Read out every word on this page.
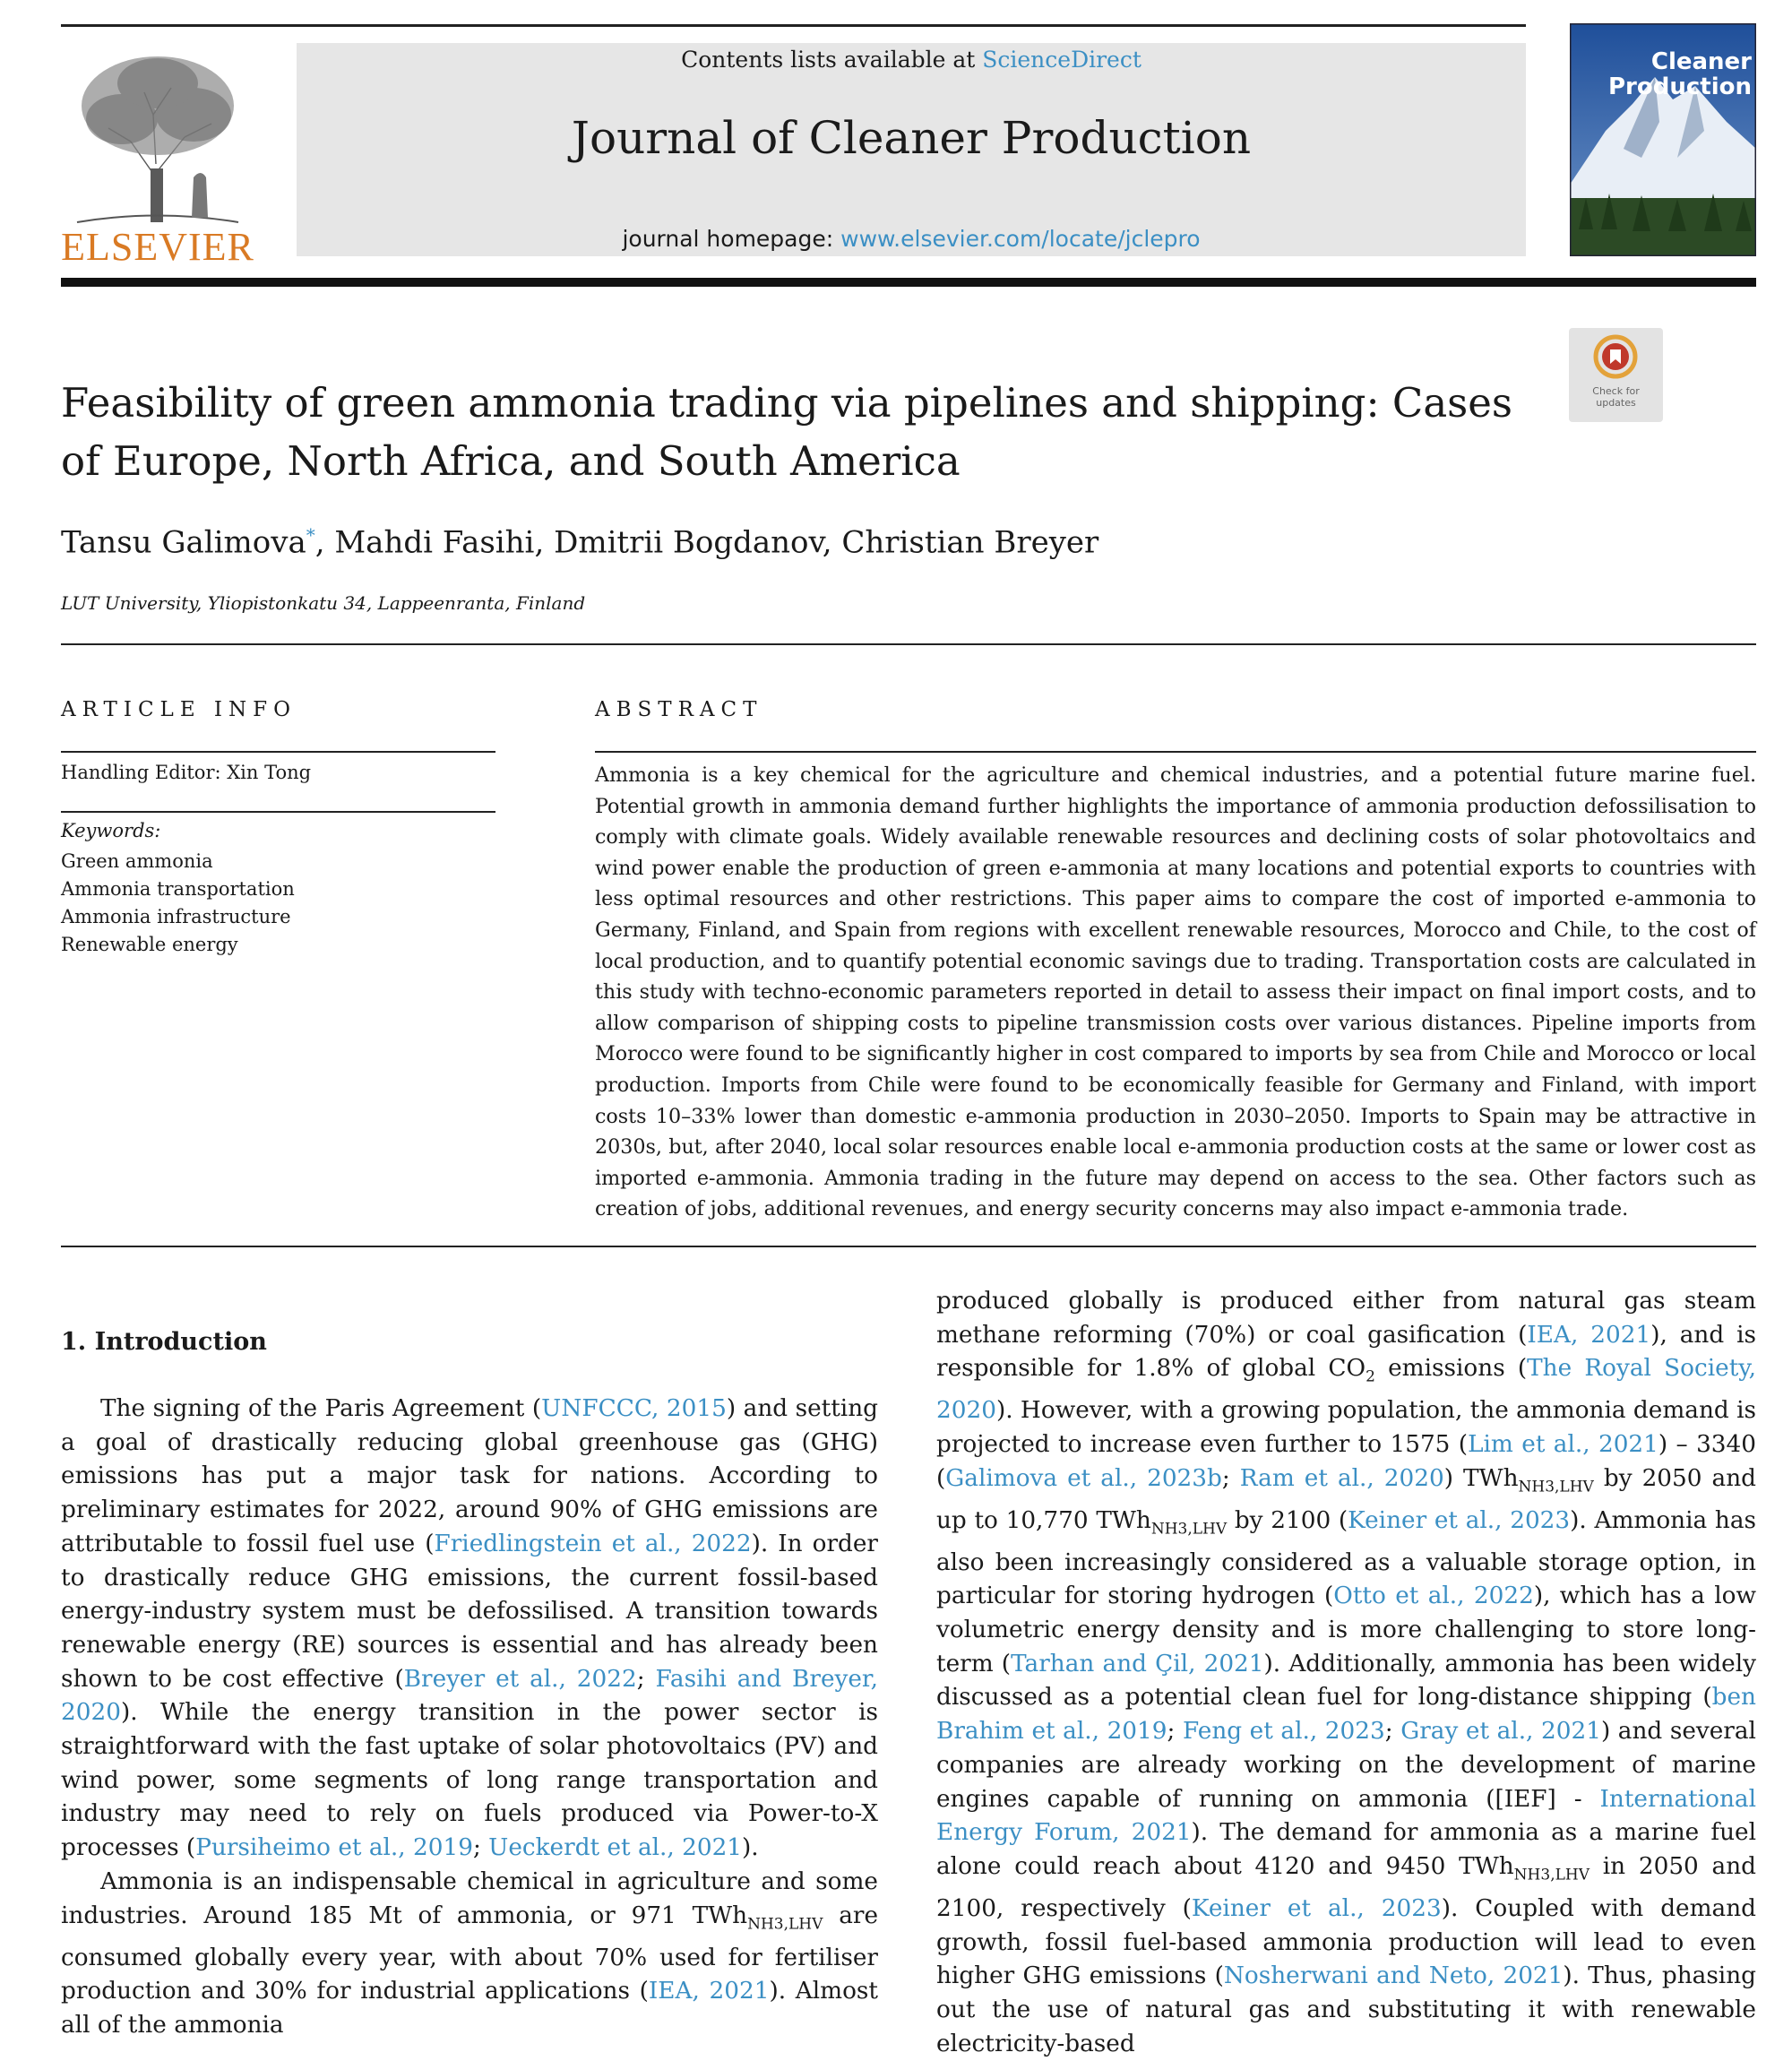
ELSEVIER
Contents lists available at ScienceDirect
Journal of Cleaner Production
journal homepage: www.elsevier.com/locate/jclepro
Cleaner
Production
Check for
updates
Feasibility of green ammonia trading via pipelines and shipping: Cases of Europe, North Africa, and South America
Tansu Galimova*, Mahdi Fasihi, Dmitrii Bogdanov, Christian Breyer
LUT University, Yliopistonkatu 34, Lappeenranta, Finland
ARTICLE INFO
Handling Editor: Xin Tong
Keywords:
Green ammonia
Ammonia transportation
Ammonia infrastructure
Renewable energy
ABSTRACT
Ammonia is a key chemical for the agriculture and chemical industries, and a potential future marine fuel. Potential growth in ammonia demand further highlights the importance of ammonia production defossilisation to comply with climate goals. Widely available renewable resources and declining costs of solar photovoltaics and wind power enable the production of green e-ammonia at many locations and potential exports to countries with less optimal resources and other restrictions. This paper aims to compare the cost of imported e-ammonia to Germany, Finland, and Spain from regions with excellent renewable resources, Morocco and Chile, to the cost of local production, and to quantify potential economic savings due to trading. Transportation costs are calculated in this study with techno-economic parameters reported in detail to assess their impact on final import costs, and to allow comparison of shipping costs to pipeline transmission costs over various distances. Pipeline imports from Morocco were found to be significantly higher in cost compared to imports by sea from Chile and Morocco or local production. Imports from Chile were found to be economically feasible for Germany and Finland, with import costs 10–33% lower than domestic e-ammonia production in 2030–2050. Imports to Spain may be attractive in 2030s, but, after 2040, local solar resources enable local e-ammonia production costs at the same or lower cost as imported e-ammonia. Ammonia trading in the future may depend on access to the sea. Other factors such as creation of jobs, additional revenues, and energy security concerns may also impact e-ammonia trade.
1. Introduction

The signing of the Paris Agreement (UNFCCC, 2015) and setting a goal of drastically reducing global greenhouse gas (GHG) emissions has put a major task for nations. According to preliminary estimates for 2022, around 90% of GHG emissions are attributable to fossil fuel use (Friedlingstein et al., 2022). In order to drastically reduce GHG emissions, the current fossil-based energy-industry system must be defossilised. A transition towards renewable energy (RE) sources is essential and has already been shown to be cost effective (Breyer et al., 2022; Fasihi and Breyer, 2020). While the energy transition in the power sector is straightforward with the fast uptake of solar photovoltaics (PV) and wind power, some segments of long range transportation and industry may need to rely on fuels produced via Power-to-X processes (Pursiheimo et al., 2019; Ueckerdt et al., 2021).

Ammonia is an indispensable chemical in agriculture and some industries. Around 185 Mt of ammonia, or 971 TWh$_{NH3,LHV}$ are consumed globally every year, with about 70% used for fertiliser production and 30% for industrial applications (IEA, 2021). Almost all of the ammonia

produced globally is produced either from natural gas steam methane reforming (70%) or coal gasification (IEA, 2021), and is responsible for 1.8% of global $CO_2$ emissions (The Royal Society, 2020). However, with a growing population, the ammonia demand is projected to increase even further to 1575 (Lim et al., 2021) – 3340 (Galimova et al., 2023b; Ram et al., 2020) TWh$_{NH3,LHV}$ by 2050 and up to 10,770 TWh$_{NH3,LHV}$ by 2100 (Keiner et al., 2023). Ammonia has also been increasingly considered as a valuable storage option, in particular for storing hydrogen (Otto et al., 2022), which has a low volumetric energy density and is more challenging to store long-term (Tarhan and Çil, 2021). Additionally, ammonia has been widely discussed as a potential clean fuel for long-distance shipping (ben Brahim et al., 2019; Feng et al., 2023; Gray et al., 2021) and several companies are already working on the development of marine engines capable of running on ammonia ([IEF] - International Energy Forum, 2021). The demand for ammonia as a marine fuel alone could reach about 4120 and 9450 TWh$_{NH3,LHV}$ in 2050 and 2100, respectively (Keiner et al., 2023). Coupled with demand growth, fossil fuel-based ammonia production will lead to even higher GHG emissions (Nosherwani and Neto, 2021). Thus, phasing out the use of natural gas and substituting it with renewable electricity-based
